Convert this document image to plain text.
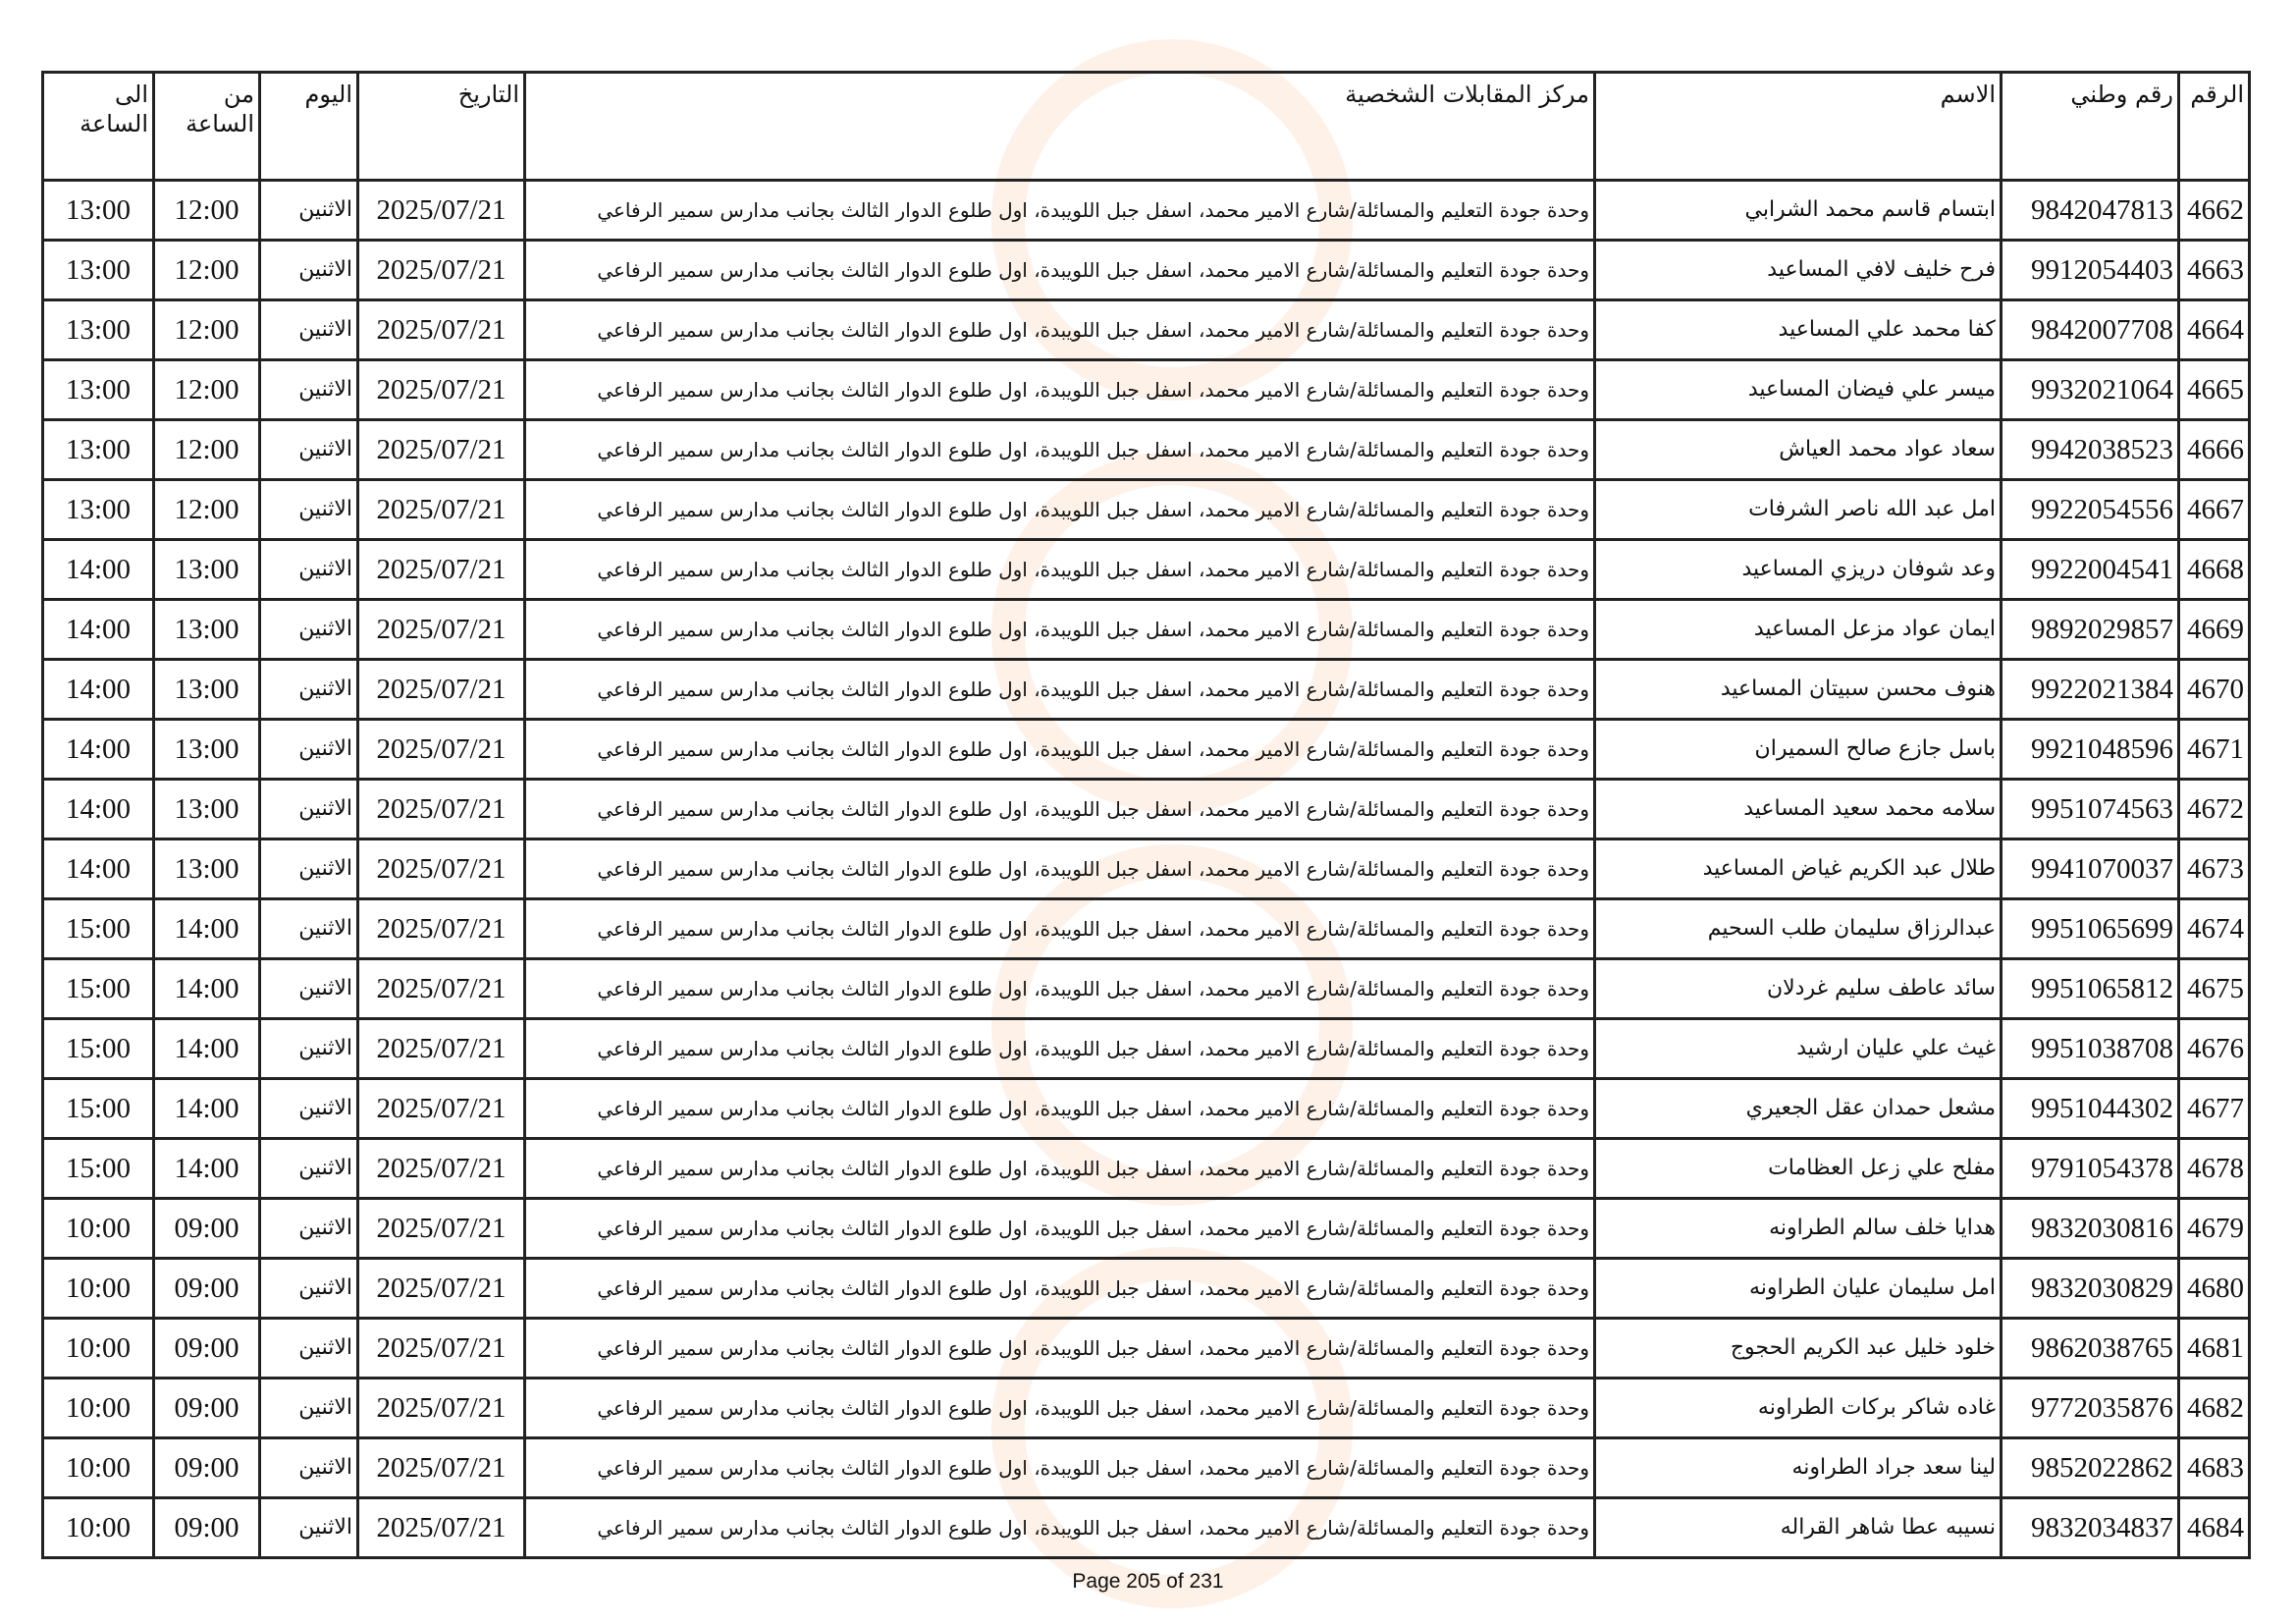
الرقم	رقم وطني	الاسم	مركز المقابلات الشخصية	التاريخ	اليوم	من الساعة	الى الساعة
4662	9842047813	ابتسام قاسم محمد الشرابي	وحدة جودة التعليم والمسائلة/شارع الامير محمد، اسفل جبل اللويبدة، اول طلوع الدوار الثالث بجانب مدارس سمير الرفاعي	2025/07/21	الاثنين	12:00	13:00
4663	9912054403	فرح خليف لافي المساعيد	وحدة جودة التعليم والمسائلة/شارع الامير محمد، اسفل جبل اللويبدة، اول طلوع الدوار الثالث بجانب مدارس سمير الرفاعي	2025/07/21	الاثنين	12:00	13:00
4664	9842007708	كفا محمد علي المساعيد	وحدة جودة التعليم والمسائلة/شارع الامير محمد، اسفل جبل اللويبدة، اول طلوع الدوار الثالث بجانب مدارس سمير الرفاعي	2025/07/21	الاثنين	12:00	13:00
4665	9932021064	ميسر علي فيضان المساعيد	وحدة جودة التعليم والمسائلة/شارع الامير محمد، اسفل جبل اللويبدة، اول طلوع الدوار الثالث بجانب مدارس سمير الرفاعي	2025/07/21	الاثنين	12:00	13:00
4666	9942038523	سعاد عواد محمد العياش	وحدة جودة التعليم والمسائلة/شارع الامير محمد، اسفل جبل اللويبدة، اول طلوع الدوار الثالث بجانب مدارس سمير الرفاعي	2025/07/21	الاثنين	12:00	13:00
4667	9922054556	امل عبد الله ناصر الشرفات	وحدة جودة التعليم والمسائلة/شارع الامير محمد، اسفل جبل اللويبدة، اول طلوع الدوار الثالث بجانب مدارس سمير الرفاعي	2025/07/21	الاثنين	12:00	13:00
4668	9922004541	وعد شوفان دريزي المساعيد	وحدة جودة التعليم والمسائلة/شارع الامير محمد، اسفل جبل اللويبدة، اول طلوع الدوار الثالث بجانب مدارس سمير الرفاعي	2025/07/21	الاثنين	13:00	14:00
4669	9892029857	ايمان عواد مزعل المساعيد	وحدة جودة التعليم والمسائلة/شارع الامير محمد، اسفل جبل اللويبدة، اول طلوع الدوار الثالث بجانب مدارس سمير الرفاعي	2025/07/21	الاثنين	13:00	14:00
4670	9922021384	هنوف محسن سبيتان المساعيد	وحدة جودة التعليم والمسائلة/شارع الامير محمد، اسفل جبل اللويبدة، اول طلوع الدوار الثالث بجانب مدارس سمير الرفاعي	2025/07/21	الاثنين	13:00	14:00
4671	9921048596	باسل جازع صالح السميران	وحدة جودة التعليم والمسائلة/شارع الامير محمد، اسفل جبل اللويبدة، اول طلوع الدوار الثالث بجانب مدارس سمير الرفاعي	2025/07/21	الاثنين	13:00	14:00
4672	9951074563	سلامه محمد سعيد المساعيد	وحدة جودة التعليم والمسائلة/شارع الامير محمد، اسفل جبل اللويبدة، اول طلوع الدوار الثالث بجانب مدارس سمير الرفاعي	2025/07/21	الاثنين	13:00	14:00
4673	9941070037	طلال عبد الكريم غياض المساعيد	وحدة جودة التعليم والمسائلة/شارع الامير محمد، اسفل جبل اللويبدة، اول طلوع الدوار الثالث بجانب مدارس سمير الرفاعي	2025/07/21	الاثنين	13:00	14:00
4674	9951065699	عبدالرزاق سليمان طلب السحيم	وحدة جودة التعليم والمسائلة/شارع الامير محمد، اسفل جبل اللويبدة، اول طلوع الدوار الثالث بجانب مدارس سمير الرفاعي	2025/07/21	الاثنين	14:00	15:00
4675	9951065812	سائد عاطف سليم غردلان	وحدة جودة التعليم والمسائلة/شارع الامير محمد، اسفل جبل اللويبدة، اول طلوع الدوار الثالث بجانب مدارس سمير الرفاعي	2025/07/21	الاثنين	14:00	15:00
4676	9951038708	غيث علي عليان ارشيد	وحدة جودة التعليم والمسائلة/شارع الامير محمد، اسفل جبل اللويبدة، اول طلوع الدوار الثالث بجانب مدارس سمير الرفاعي	2025/07/21	الاثنين	14:00	15:00
4677	9951044302	مشعل حمدان عقل الجعيري	وحدة جودة التعليم والمسائلة/شارع الامير محمد، اسفل جبل اللويبدة، اول طلوع الدوار الثالث بجانب مدارس سمير الرفاعي	2025/07/21	الاثنين	14:00	15:00
4678	9791054378	مفلح علي زعل العظامات	وحدة جودة التعليم والمسائلة/شارع الامير محمد، اسفل جبل اللويبدة، اول طلوع الدوار الثالث بجانب مدارس سمير الرفاعي	2025/07/21	الاثنين	14:00	15:00
4679	9832030816	هدايا خلف سالم الطراونه	وحدة جودة التعليم والمسائلة/شارع الامير محمد، اسفل جبل اللويبدة، اول طلوع الدوار الثالث بجانب مدارس سمير الرفاعي	2025/07/21	الاثنين	09:00	10:00
4680	9832030829	امل سليمان عليان الطراونه	وحدة جودة التعليم والمسائلة/شارع الامير محمد، اسفل جبل اللويبدة، اول طلوع الدوار الثالث بجانب مدارس سمير الرفاعي	2025/07/21	الاثنين	09:00	10:00
4681	9862038765	خلود خليل عبد الكريم الحجوج	وحدة جودة التعليم والمسائلة/شارع الامير محمد، اسفل جبل اللويبدة، اول طلوع الدوار الثالث بجانب مدارس سمير الرفاعي	2025/07/21	الاثنين	09:00	10:00
4682	9772035876	غاده شاكر بركات الطراونه	وحدة جودة التعليم والمسائلة/شارع الامير محمد، اسفل جبل اللويبدة، اول طلوع الدوار الثالث بجانب مدارس سمير الرفاعي	2025/07/21	الاثنين	09:00	10:00
4683	9852022862	لينا سعد جراد الطراونه	وحدة جودة التعليم والمسائلة/شارع الامير محمد، اسفل جبل اللويبدة، اول طلوع الدوار الثالث بجانب مدارس سمير الرفاعي	2025/07/21	الاثنين	09:00	10:00
4684	9832034837	نسيبه عطا شاهر القراله	وحدة جودة التعليم والمسائلة/شارع الامير محمد، اسفل جبل اللويبدة، اول طلوع الدوار الثالث بجانب مدارس سمير الرفاعي	2025/07/21	الاثنين	09:00	10:00
Page 205 of 231
